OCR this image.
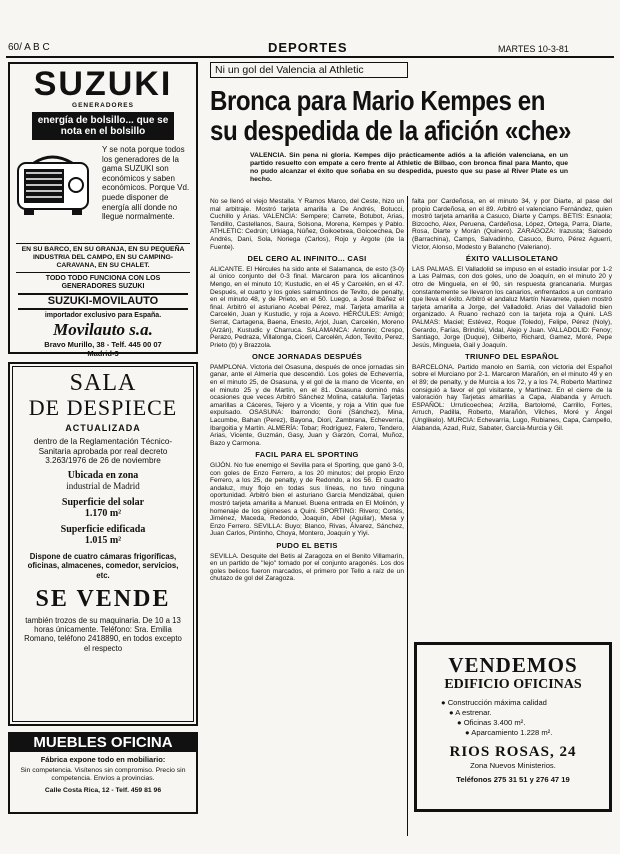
60/ A B C	DEPORTES	MARTES 10-3-81
SUZUKI
GENERADORES
energía de bolsillo... que se nota en el bolsillo
Y se nota porque todos los generadores de la gama SUZUKI son económicos y saben económicos. Porque Vd. puede disponer de energía allí donde no llegue normalmente.
EN SU BARCO, EN SU GRANJA, EN SU PEQUEÑA INDUSTRIA DEL CAMPO, EN SU CAMPING-CARAVANA, EN SU CHALET.
TODO TODO FUNCIONA CON LOS GENERADORES SUZUKI
SUZUKI-MOVILAUTO
importador exclusivo para España.
Movilauto s.a.
Bravo Murillo, 38 - Telf. 445 00 07
Madrid-3
SALA
DE DESPIECE
ACTUALIZADA
dentro de la Reglamentación Técnico-Sanitaria aprobada por real decreto 3.263/1976 de 26 de noviembre
Ubicada en zona
industrial de Madrid
Superficie del solar
1.170 m²
Superficie edificada
1.015 m²
Dispone de cuatro cámaras frigoríficas, oficinas, almacenes, comedor, servicios, etc.
SE VENDE
también trozos de su maquinaria. De 10 a 13 horas únicamente. Teléfono: Sra. Emilia Romano, teléfono 2418890, en todos excepto el respecto
MUEBLES OFICINA
Fábrica expone todo en mobiliario:
Sin competencia. Visítenos sin compromiso. Precio sin competencia. Envíos a provincias.
Calle Costa Rica, 12 - Telf. 459 81 96
Ni un gol del Valencia al Athletic
Bronca para Mario Kempes en
su despedida de la afición «che»
VALENCIA. Sin pena ni gloria. Kempes dijo prácticamente adiós a la afición valenciana, en un partido resuelto con empate a cero frente al Athletic de Bilbao, con bronca final para Manto, que no pudo alcanzar el éxito que soñaba en su despedida, puesto que su pase al River Plate es un hecho.

No se llenó el viejo Mestalla. Y Ramos Marco, del Ceste, hizo un mal arbitraje. Mostró tarjeta amarilla a De Andrés, Botucci, Cuchillo y Arias. VALENCIA: Sempere; Carrete, Botubot, Arias, Tendillo, Castellanos, Saura, Solsona, Morena, Kempes y Pablo. ATHLETIC: Cedrún; Urkiaga, Núñez, Goikoetxea, Goicoechea, De Andrés, Dani, Sola, Noriega (Carlos), Rojo y Argote (de la Fuente).

DEL CERO AL INFINITO... CASI

ALICANTE. El Hércules ha sido ante el Salamanca, de esto (3-0) al único conjunto del 0-3 final. Marcaron para los alicantinos Mengo, en el minuto 10; Kustudic, en el 45 y Carcelén, en el 47. Después, el cuarto y los goles salmantinos de Tevito, de penalty, en el minuto 48, y de Prieto, en el 50. Luego, a José Ibáñez el final. Arbitró el asturiano Acebal Pérez, mal. Tarjeta amarilla a Carcelén, Juan y Kustudic, y roja a Acevo. HÉRCULES: Amigó; Serrat, Cartagena, Baena, Enesto, Arjol, Juan, Carcelén, Moreno (Arzán), Kustudic y Charruca. SALAMANCA: Antonio; Crespo, Perazo, Pedraza, Villalonga, Ciceri, Carcelén, Adon, Tevito, Perez, Prieto (b) y Brazzola.

ONCE JORNADAS DESPUÉS

PAMPLONA. Victoria del Osasuna, después de once jornadas sin ganar, ante el Almería que descendió. Los goles de Echeverría, en el minuto 25, de Osasuna, y el gol de la mano de Vicente, en el minuto 25 y de Martín, en el 81. Osasuna dominó más ocasiones que veces Arbitró Sánchez Molina, cataluña. Tarjetas amarillas a Cáceres, Tejero y a Vicente, y roja a Vitin que fue expulsado. OSASUNA: Ibarrondo; Goni (Sánchez), Mina, Lacumbe, Bahan (Perez), Bayona, Diori, Zambrana, Echeverría, Ibargoitia y Martín. ALMERÍA: Tobar; Rodríguez, Falero, Tendero, Arias, Vicente, Guzmán, Gasy, Juan y Garzón, Corral, Muñoz, Bazo y Carmona.

FACIL PARA EL SPORTING

GIJÓN. No fue enemigo el Sevilla para el Sporting, que ganó 3-0, con goles de Enzo Ferrero, a los 20 minutos; del propio Enzo Ferrero, a los 25, de penalty, y de Redondo, a los 56. El cuadro andaluz, muy flojo en todas sus líneas, no tuvo ninguna oportunidad. Arbitró bien el asturiano García Mendizábal, quien mostró tarjeta amarilla a Manuel. Buena entrada en El Molinón, y homenaje de los gijoneses a Quini. SPORTING: Rivero; Cortés, Jiménez, Maceda, Redondo, Joaquín, Abel (Aguilar), Mesa y Enzo Ferrero. SEVILLA: Buyo; Blanco, Rivas, Álvarez, Sánchez, Juan Carlos, Pintinho, Choya, Montero, Joaquín y Yiyi.

PUDO EL BETIS

SEVILLA. Desquite del Betis al Zaragoza en el Benito Villamarín, en un partido de "lejo" tomado por el conjunto aragonés. Los dos goles belicos fueron marcados, el primero por Tello a raíz de un chutazo de gol del Zaragoza.

falta por Cardeñosa, en el minuto 34, y por Diarte, al pase del propio Cardeñosa, en el 89. Arbitró el valenciano Fernández, quien mostró tarjeta amarilla a Casuco, Diarte y Camps. BETIS: Esnaola; Bizcocho, Alex, Peruena, Cardeñosa, López, Ortega, Parra, Diarte, Rosa, Diarte y Morán (Quinero). ZARAGOZA: Irazusta; Salcedo (Barrachina), Camps, Salvadinho, Casuco, Burro, Pérez Aguerri, Víctor, Alonso, Modesto y Balancho (Valeriano).

ÉXITO VALLISOLETANO

LAS PALMAS. El Valladolid se impuso en el estadio insular por 1-2 a Las Palmas, con dos goles, uno de Joaquín, en el minuto 20 y otro de Minguela, en el 90, sin respuesta grancanaria. Murgas constantemente se llevaron los canarios, enfrentados a un contrario que lleva el éxito. Arbitró el andaluz Martín Navarrete, quien mostró tarjeta amarilla a Jorge, del Valladolid. Arias del Valladolid bien organizado. A Ruano rechazó con la tarjeta roja a Quini. LAS PALMAS: Maciel; Estévez, Roque (Toledo), Felipe, Pérez (Noly), Gerardo, Farías, Brindisi, Vidal, Alejo y Juan. VALLADOLID: Fenoy; Santiago, Jorge (Duque), Gilberto, Richard, Gamez, Moré, Pepe Jesús, Minguela, Gail y Joaquín.

TRIUNFO DEL ESPAÑOL

BARCELONA. Partido manolo en Sarrià, con victoria del Español sobre el Murciano por 2-1. Marcaron Marañón, en el minuto 49 y en el 89; de penalty, y de Murcia a los 72, y a los 74, Roberto Martínez consiguió a favor el gol visitante, y Martínez. En el cierre de la valoración hay Tarjetas amarillas a Capa, Alabanda y Arruch. ESPAÑOL: Urruticoechea; Arzilla, Bartolomé, Carrillo, Fortes, Arruch, Padilla, Roberto, Marañón, Vilches, Moré y Ángel (Unglikelo). MURCIA: Echevarría, Lugo, Rubianes, Capa, Campello, Alabanda, Azad, Ruiz, Sabater, García-Murcia y Gil.

VENDEMOS
EDIFICIO OFICINAS
● Construcción máxima calidad
● A estrenar.
● Oficinas 3.400 m².
● Aparcamiento 1.228 m².
RIOS ROSAS, 24
Zona Nuevos Ministerios.
Teléfonos 275 31 51 y 276 47 19
